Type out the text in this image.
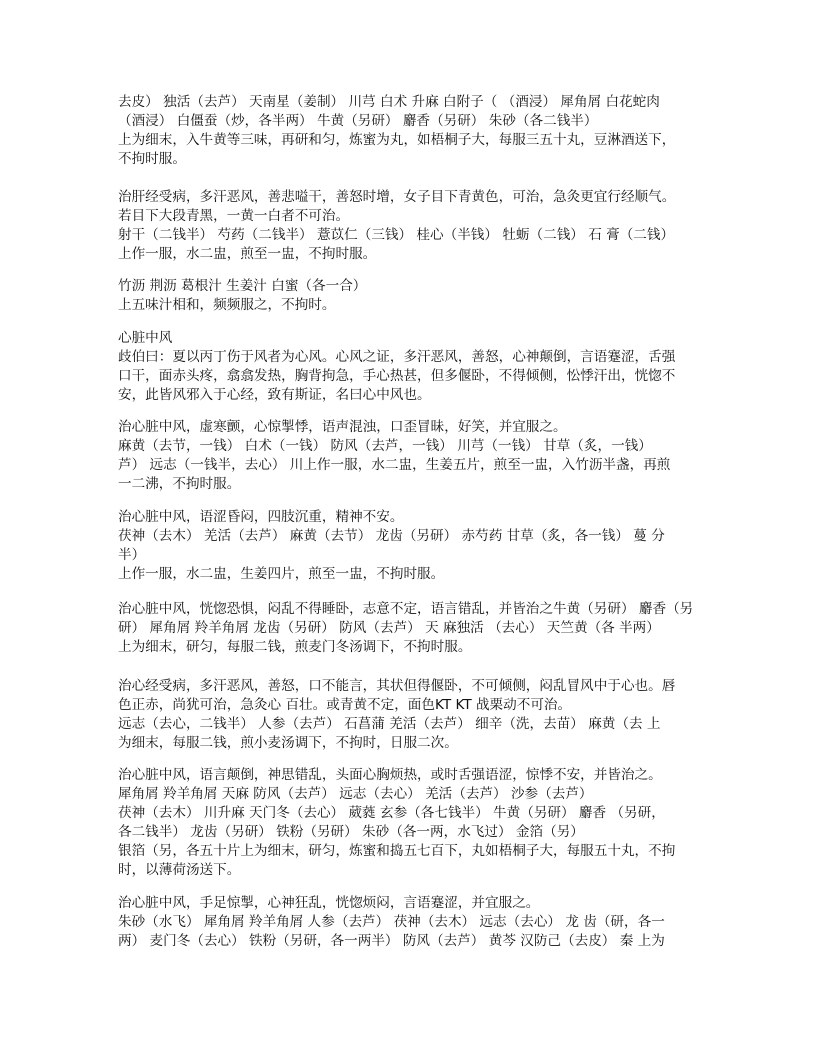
去皮） 独活（去芦） 天南星（姜制） 川芎 白术 升麻 白附子（ （酒浸） 犀角屑 白花蛇肉
（酒浸） 白僵蚕（炒，各半两） 牛黄（另研） 麝香（另研） 朱砂（各二钱半）
上为细末，入牛黄等三味，再研和匀，炼蜜为丸，如梧桐子大，每服三五十丸，豆淋酒送下，
不拘时服。
治肝经受病，多汗恶风，善悲嗌干，善怒时增，女子目下青黄色，可治，急灸更宜行经顺气。
若目下大段青黑，一黄一白者不可治。
射干（二钱半） 芍药（二钱半） 薏苡仁（三钱） 桂心（半钱） 牡蛎（二钱） 石 膏（二钱）
上作一服，水二盅，煎至一盅，不拘时服。
竹沥 荆沥 葛根汁 生姜汁 白蜜（各一合）
上五味汁相和，频频服之，不拘时。
心脏中风
歧伯曰：夏以丙丁伤于风者为心风。心风之证，多汗恶风，善怒，心神颠倒，言语蹇涩，舌强
口干，面赤头疼，翕翕发热，胸背拘急，手心热甚，但多偃卧，不得倾侧，忪悸汗出，恍惚不
安，此皆风邪入于心经，致有斯证，名曰心中风也。
治心脏中风，虚寒颤，心惊掣悸，语声混浊，口歪冒昧，好笑，并宜服之。
麻黄（去节，一钱） 白术（一钱） 防风（去芦，一钱） 川芎（一钱） 甘草（炙，一钱）
芦） 远志（一钱半，去心） 川上作一服，水二盅，生姜五片，煎至一盅，入竹沥半盏，再煎
一二沸，不拘时服。
治心脏中风，语涩昏闷，四肢沉重，精神不安。
茯神（去木） 羌活（去芦） 麻黄（去节） 龙齿（另研） 赤芍药 甘草（炙，各一钱） 蔓 分
半）
上作一服，水二盅，生姜四片，煎至一盅，不拘时服。
治心脏中风，恍惚恐惧，闷乱不得睡卧，志意不定，语言错乱，并皆治之牛黄（另研） 麝香（另
研） 犀角屑 羚羊角屑 龙齿（另研） 防风（去芦） 天 麻独活 （去心） 天竺黄（各 半两）
上为细末，研匀，每服二钱，煎麦门冬汤调下，不拘时服。
治心经受病，多汗恶风，善怒，口不能言，其状但得偃卧，不可倾侧，闷乱冒风中于心也。唇
色正赤，尚犹可治，急灸心 百壮。或青黄不定，面色KT KT 战栗动不可治。
远志（去心，二钱半） 人参（去芦） 石菖蒲 羌活（去芦） 细辛（洗，去苗） 麻黄（去 上
为细末，每服二钱，煎小麦汤调下，不拘时，日服二次。
治心脏中风，语言颠倒，神思错乱，头面心胸烦热，或时舌强语涩，惊悸不安，并皆治之。
犀角屑 羚羊角屑 天麻 防风（去芦） 远志（去心） 羌活（去芦） 沙参（去芦）
茯神（去木） 川升麻 天门冬（去心） 葳蕤 玄参（各七钱半） 牛黄（另研） 麝香 （另研，
各二钱半） 龙齿（另研） 铁粉（另研） 朱砂（各一两，水飞过） 金箔（另）
银箔（另，各五十片上为细末，研匀，炼蜜和捣五七百下，丸如梧桐子大，每服五十丸，不拘
时，以薄荷汤送下。
治心脏中风，手足惊掣，心神狂乱，恍惚烦闷，言语蹇涩，并宜服之。
朱砂（水飞） 犀角屑 羚羊角屑 人参（去芦） 茯神（去木） 远志（去心） 龙 齿（研，各一
两） 麦门冬（去心） 铁粉（另研，各一两半） 防风（去芦） 黄芩 汉防己（去皮） 秦 上为
